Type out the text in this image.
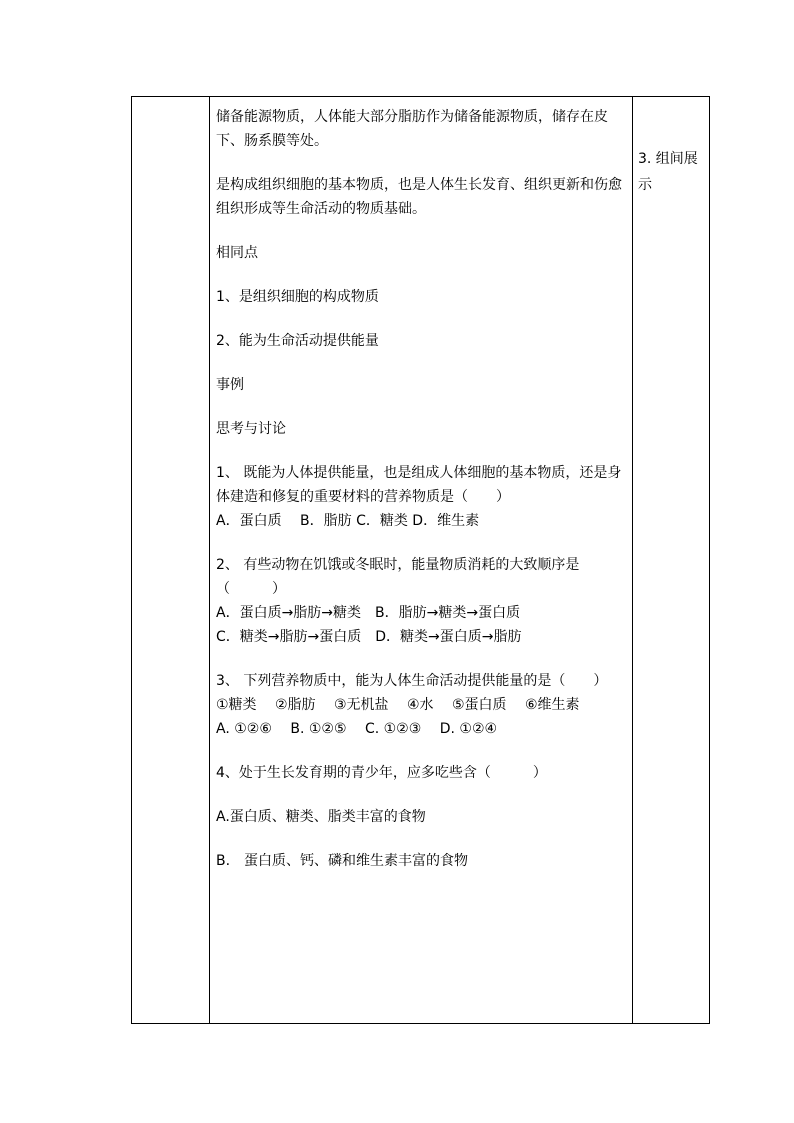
储备能源物质，人体能大部分脂肪作为储备能源物质，储存在皮下、肠系膜等处。

是构成组织细胞的基本物质，也是人体生长发育、组织更新和伤愈组织形成等生命活动的物质基础。

相同点

1、是组织细胞的构成物质

2、能为生命活动提供能量

事例

思考与讨论

1、 既能为人体提供能量，也是组成人体细胞的基本物质，还是身体建造和修复的重要材料的营养物质是（　　）

A．蛋白质　 B．脂肪 C．糖类 D．维生素

2、 有些动物在饥饿或冬眠时，能量物质消耗的大致顺序是（　　　）

A．蛋白质→脂肪→糖类　B．脂肪→糖类→蛋白质

C．糖类→脂肪→蛋白质　D．糖类→蛋白质→脂肪

3、 下列营养物质中，能为人体生命活动提供能量的是（　　）

①糖类　 ②脂肪　 ③无机盐　 ④水　 ⑤蛋白质　 ⑥维生素

A. ①②⑥　 B. ①②⑤　 C. ①②③　 D. ①②④

4、处于生长发育期的青少年，应多吃些含（　　　）

A.蛋白质、糖类、脂类丰富的食物

B.　蛋白质、钙、磷和维生素丰富的食物

3. 组间展示
